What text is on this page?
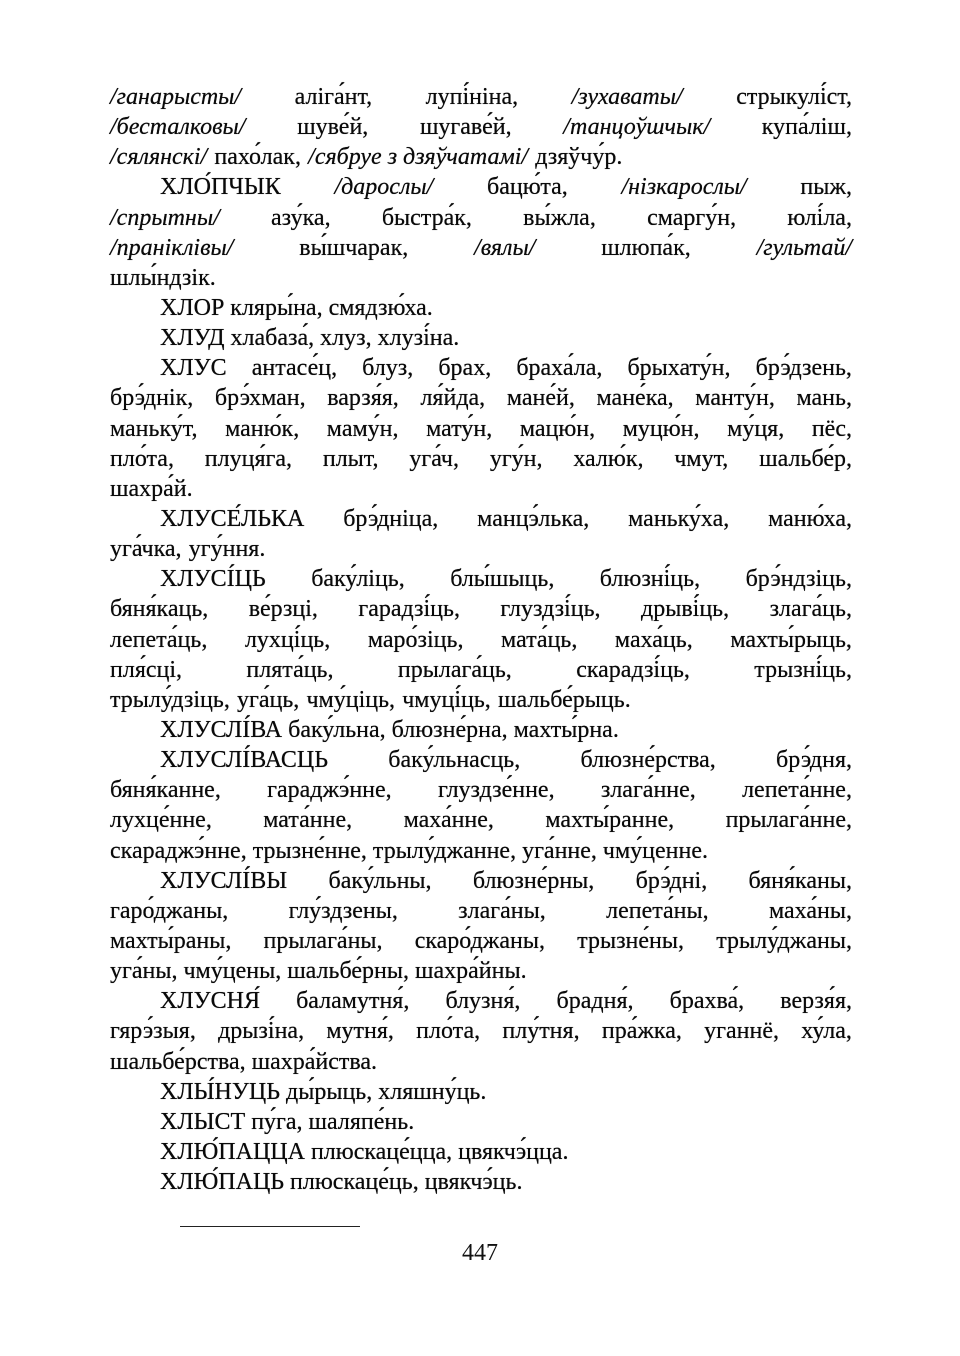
/ганарысты/ алiга́нт, лупі́ніна, /зухаваты/ стрыкулі́ст,
/бесталковы/ шуве́й, шугаве́й, /танцоўшчык/ купа́ліш,
/сялянскі/ пахо́лак, /сябруе з дзяўчатамі/ дзяўчу́р.
ХЛО́ПЧЫК /дарослы/ бацю́та, /нізкарослы/ пыж,
/спрытны/ азу́ка, быстра́к, вы́жла, смаргу́н, юлі́ла,
/праніклівы/	вы́шчарак,	/вялы/	шлюпа́к,	/гультай/
шлы́ндзік.
ХЛОР кляры́на, смядзю́ха.
ХЛУД хлабаза́, хлуз, хлузі́на.
ХЛУС антасе́ц, блуз, брах, браха́ла, брыхату́н, брэ́дзень,
брэ́днік, брэ́хман, варзя́я, ля́йда, мане́й, мане́ка, манту́н, мань,
маньку́т, маню́к, маму́н, мату́н, мацю́н, муцю́н, му́ця, пёс,
пло́та, плуця́га, плыт, уга́ч, угу́н, халю́к, чмут, шальбе́р,
шахра́й.
ХЛУСЕ́ЛЬКА брэ́дніца, манцэ́лька, маньку́ха, маню́ха,
уга́чка, угу́ння.
ХЛУСІ́ЦЬ баку́ліць, блы́шыць, блюзні́ць, брэ́ндзіць,
бяня́каць, ве́рзці, гарадзі́ць, глуздзі́ць, дрыві́ць, злага́ць,
лепета́ць, лухці́ць, маро́зіць, мата́ць, маха́ць, махты́рыць,
пля́сці,	плята́ць,	прылага́ць,	скарадзі́ць,	трызні́ць,
трылу́дзіць, уга́ць, чму́ціць, чмуці́ць, шальбе́рыць.
ХЛУСЛІ́ВА баку́льна, блюзне́рна, махты́рна.
ХЛУСЛІ́ВАСЦЬ	баку́льнасць,	блюзне́рства,	брэ́дня,
бяня́канне, гараджэ́нне, глуздзе́нне, злага́нне, лепета́нне,
лухце́нне, мата́нне, маха́нне, махты́ранне, прылага́нне,
скараджэ́нне, трызне́нне, трылу́джанне, уга́нне, чму́ценне.
ХЛУСЛІ́ВЫ баку́льны, блюзне́рны, брэ́дні, бяня́каны,
гаро́джаны,	глу́здзены,	злага́ны,	лепета́ны,	маха́ны,
махты́раны, прылага́ны, скаро́джаны, трызне́ны, трылу́джаны,
уга́ны, чму́цены, шальбе́рны, шахра́йны.
ХЛУСНЯ́ баламутня́, блузня́, брадня́, брахва́, верзя́я,
гярэ́зыя, дрызі́на, мутня́, пло́та, плу́тня, пра́жка, уганнё, ху́ла,
шальбе́рства, шахра́йства.
ХЛЫ́НУЦЬ ды́рыць, хляшну́ць.
ХЛЫСТ пу́га, шаляпе́нь.
ХЛЮ́ПАЦЦА плюскаце́цца, цвякчэ́цца.
ХЛЮ́ПАЦЬ плюскаце́ць, цвякчэ́ць.
447
